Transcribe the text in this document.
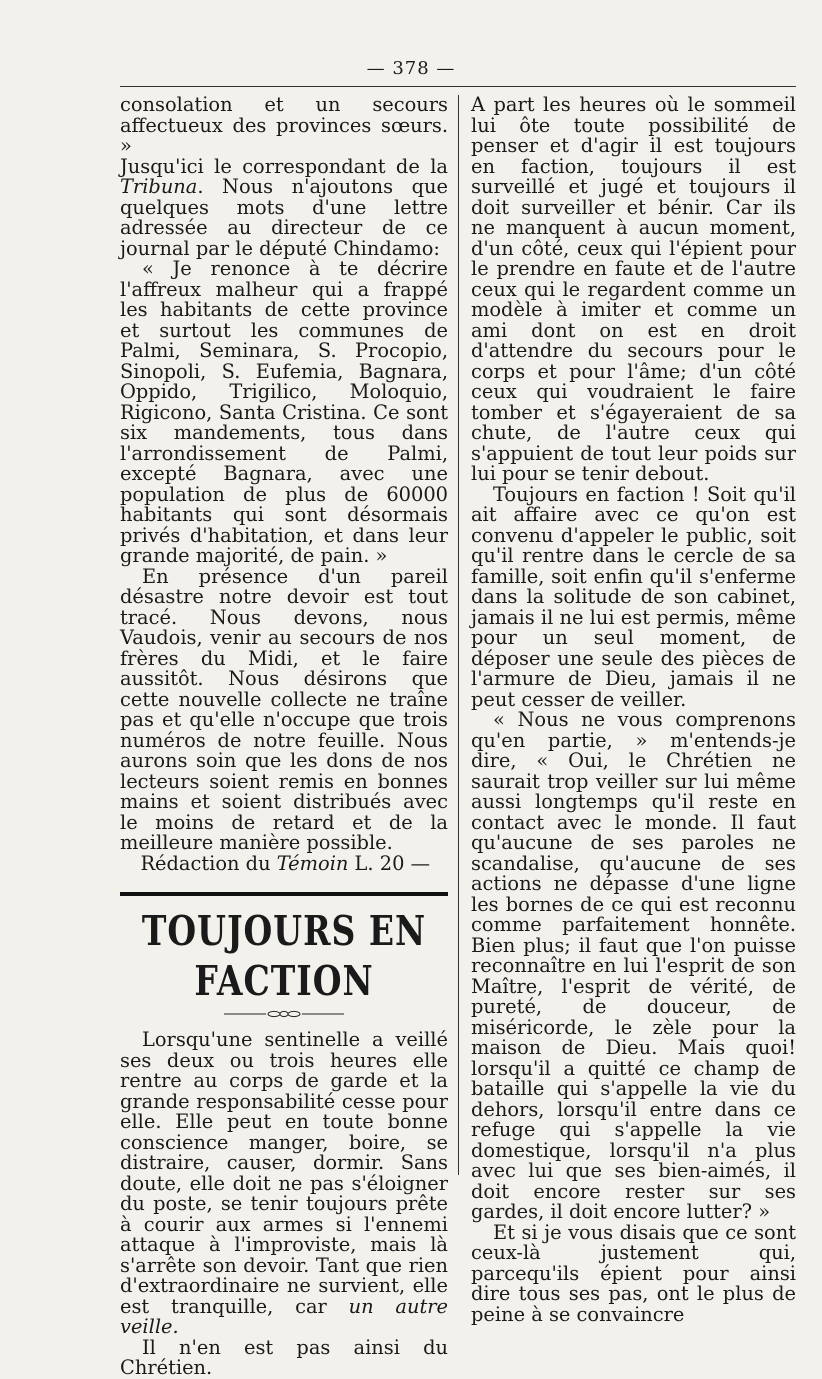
— 378 —

consolation et un secours affectueux des provinces sœurs. »

Jusqu'ici le correspondant de la Tribuna. Nous n'ajoutons que quelques mots d'une lettre adressée au directeur de ce journal par le député Chindamo:

« Je renonce à te décrire l'affreux malheur qui a frappé les habitants de cette province et surtout les communes de Palmi, Seminara, S. Procopio, Sinopoli, S. Eufemia, Bagnara, Oppido, Trigilico, Moloquio, Rigicono, Santa Cristina. Ce sont six mandements, tous dans l'arrondissement de Palmi, excepté Bagnara, avec une population de plus de 60000 habitants qui sont désormais privés d'habitation, et dans leur grande majorité, de pain. »

En présence d'un pareil désastre notre devoir est tout tracé. Nous devons, nous Vaudois, venir au secours de nos frères du Midi, et le faire aussitôt. Nous désirons que cette nouvelle collecte ne traîne pas et qu'elle n'occupe que trois numéros de notre feuille. Nous aurons soin que les dons de nos lecteurs soient remis en bonnes mains et soient distribués avec le moins de retard et de la meilleure manière possible.

Rédaction du Témoin L. 20 —

TOUJOURS EN FACTION

Lorsqu'une sentinelle a veillé ses deux ou trois heures elle rentre au corps de garde et la grande responsabilité cesse pour elle. Elle peut en toute bonne conscience manger, boire, se distraire, causer, dormir. Sans doute, elle doit ne pas s'éloigner du poste, se tenir toujours prête à courir aux armes si l'ennemi attaque à l'improviste, mais là s'arrête son devoir. Tant que rien d'extraordinaire ne survient, elle est tranquille, car un autre veille.

Il n'en est pas ainsi du Chrétien.

A part les heures où le sommeil lui ôte toute possibilité de penser et d'agir il est toujours en faction, toujours il est surveillé et jugé et toujours il doit surveiller et bénir. Car ils ne manquent à aucun moment, d'un côté, ceux qui l'épient pour le prendre en faute et de l'autre ceux qui le regardent comme un modèle à imiter et comme un ami dont on est en droit d'attendre du secours pour le corps et pour l'âme; d'un côté ceux qui voudraient le faire tomber et s'égayeraient de sa chute, de l'autre ceux qui s'appuient de tout leur poids sur lui pour se tenir debout.

Toujours en faction ! Soit qu'il ait affaire avec ce qu'on est convenu d'appeler le public, soit qu'il rentre dans le cercle de sa famille, soit enfin qu'il s'enferme dans la solitude de son cabinet, jamais il ne lui est permis, même pour un seul moment, de déposer une seule des pièces de l'armure de Dieu, jamais il ne peut cesser de veiller.

« Nous ne vous comprenons qu'en partie, » m'entends-je dire, « Oui, le Chrétien ne saurait trop veiller sur lui même aussi longtemps qu'il reste en contact avec le monde. Il faut qu'aucune de ses paroles ne scandalise, qu'aucune de ses actions ne dépasse d'une ligne les bornes de ce qui est reconnu comme parfaitement honnête. Bien plus; il faut que l'on puisse reconnaître en lui l'esprit de son Maître, l'esprit de vérité, de pureté, de douceur, de miséricorde, le zèle pour la maison de Dieu. Mais quoi! lorsqu'il a quitté ce champ de bataille qui s'appelle la vie du dehors, lorsqu'il entre dans ce refuge qui s'appelle la vie domestique, lorsqu'il n'a plus avec lui que ses bien-aimés, il doit encore rester sur ses gardes, il doit encore lutter? »

Et si je vous disais que ce sont ceux-là justement qui, parcequ'ils épient pour ainsi dire tous ses pas, ont le plus de peine à se convaincre
